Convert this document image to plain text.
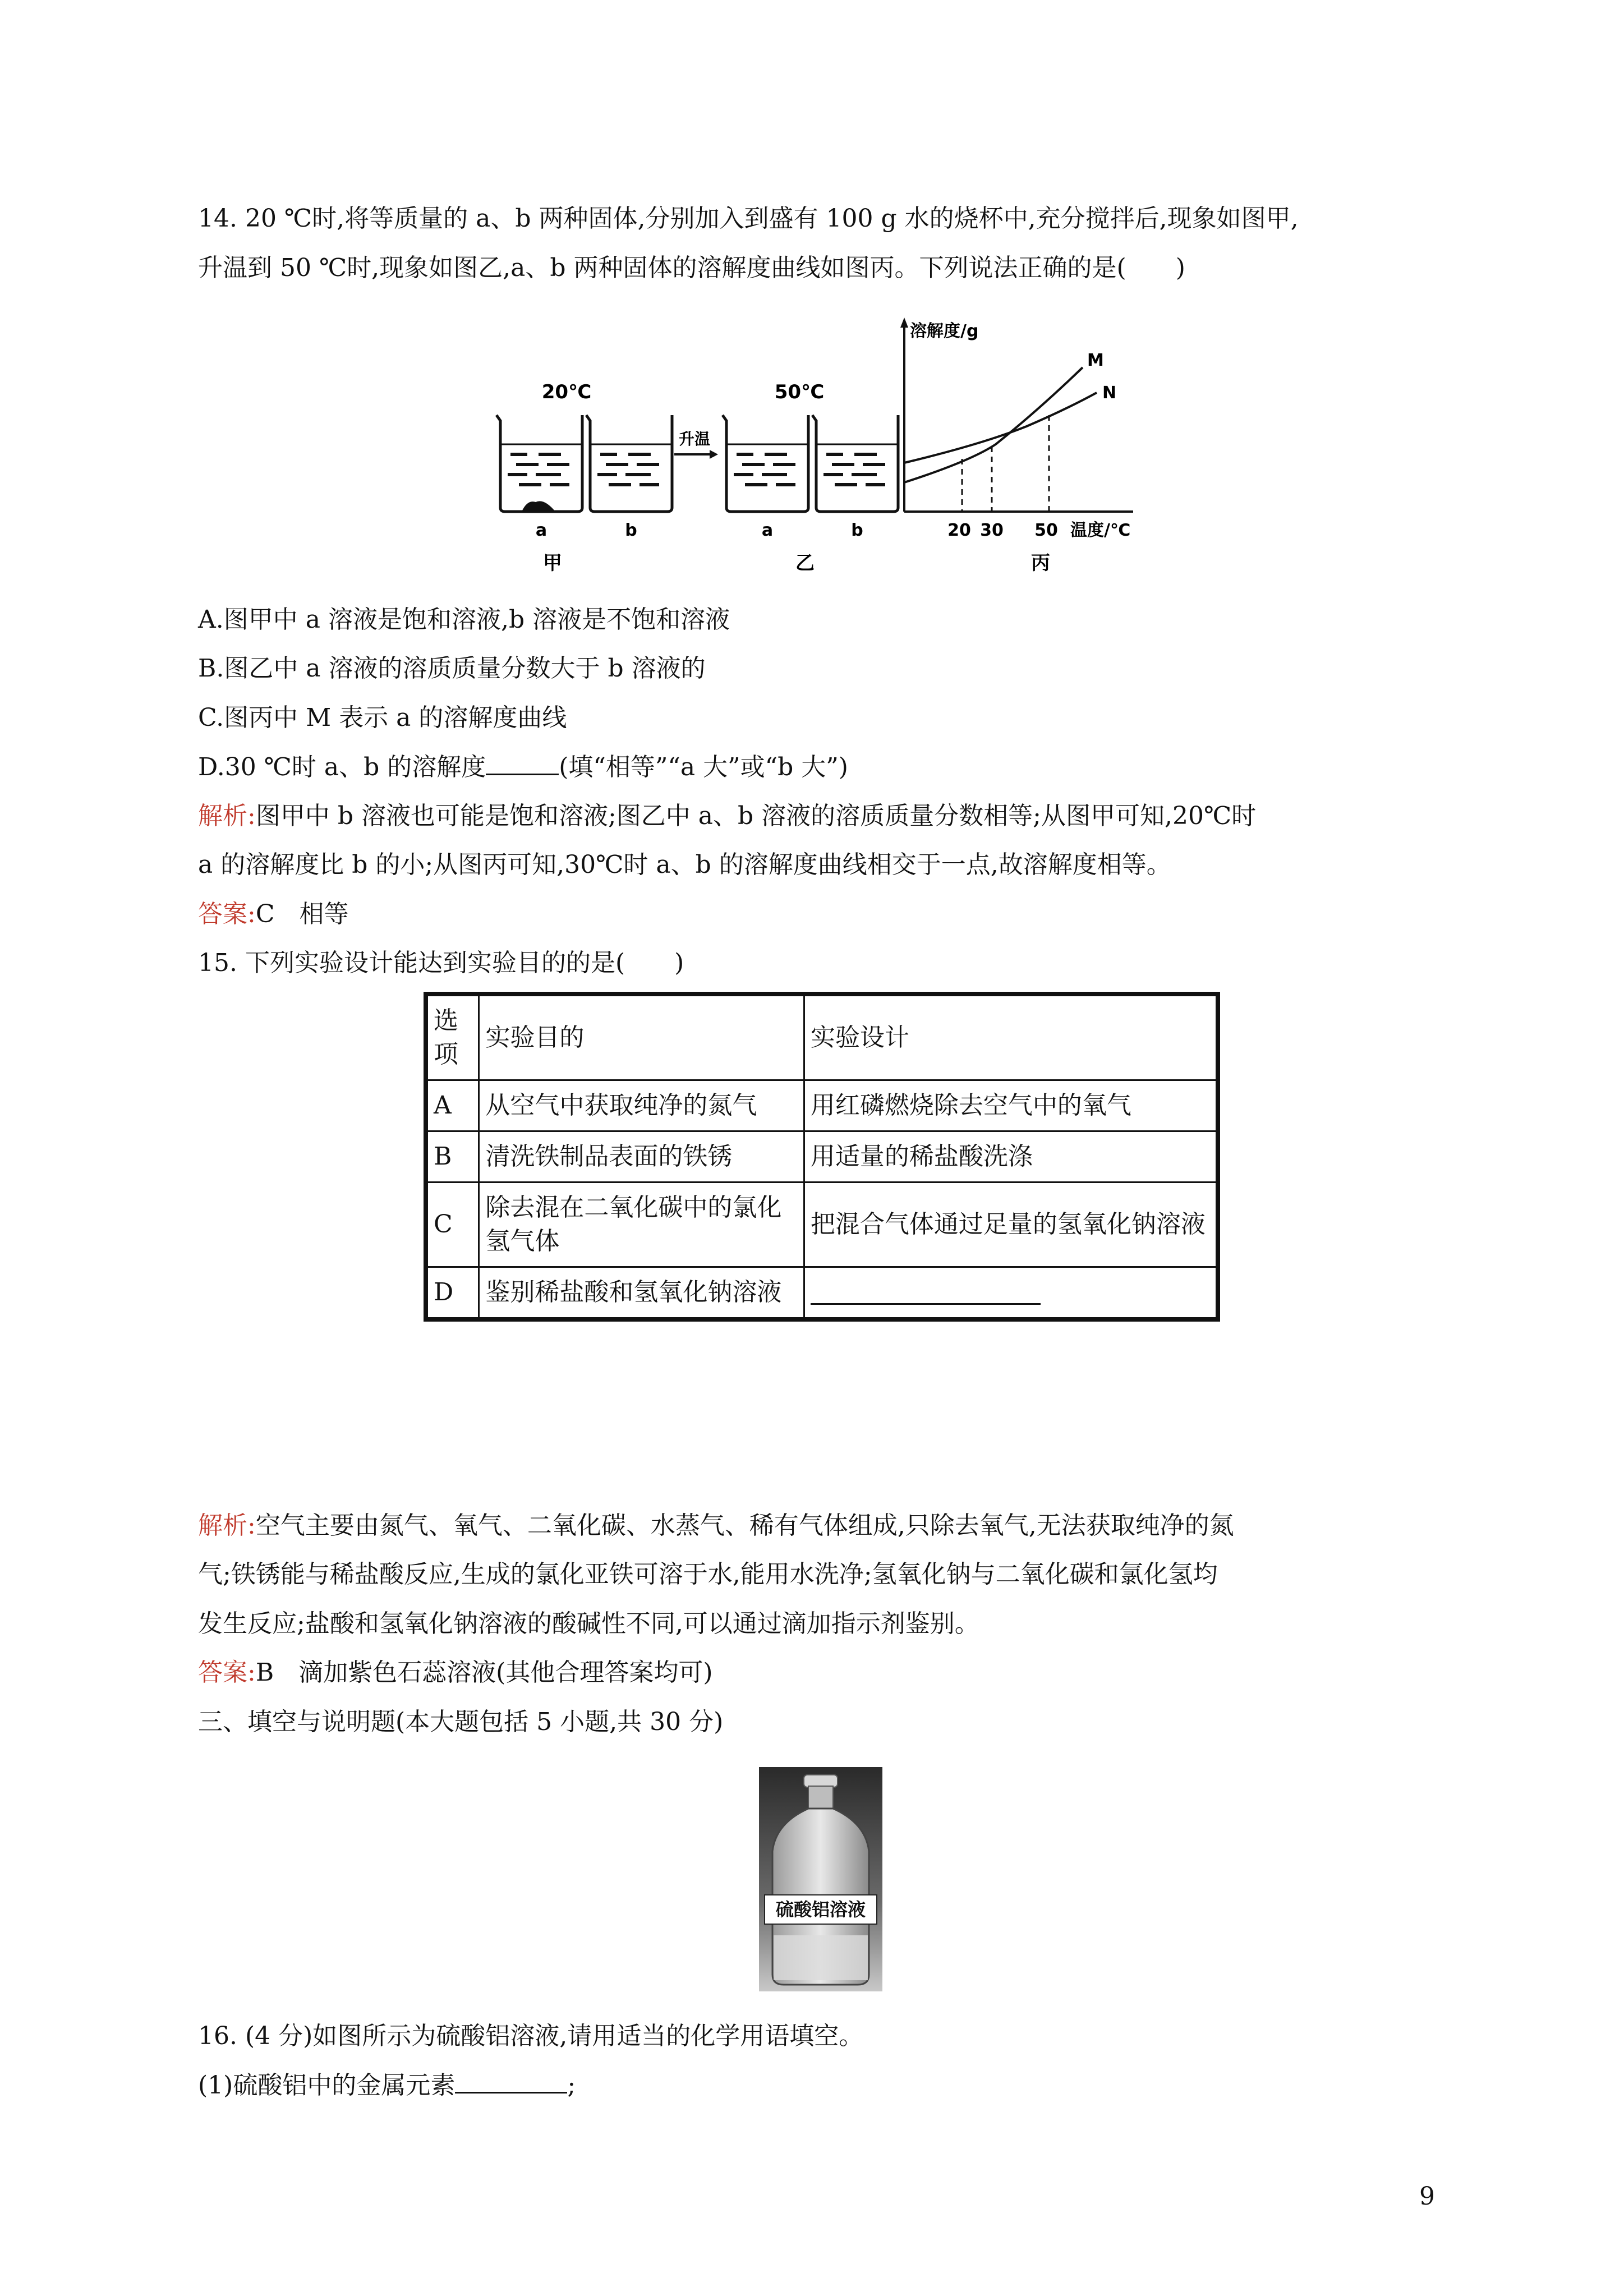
14. 20 ℃时,将等质量的 a、b 两种固体,分别加入到盛有 100 g 水的烧杯中,充分搅拌后,现象如图甲,
升温到 50 ℃时,现象如图乙,a、b 两种固体的溶解度曲线如图丙。下列说法正确的是(　　)
20℃	50℃
升温
a	b	a	b
甲	乙	丙
溶解度/g
M
N
20 30 50 温度/℃
A.图甲中 a 溶液是饱和溶液,b 溶液是不饱和溶液
B.图乙中 a 溶液的溶质质量分数大于 b 溶液的
C.图丙中 M 表示 a 的溶解度曲线
D.30 ℃时 a、b 的溶解度	(填“相等”“a 大”或“b 大”)
解析:图甲中 b 溶液也可能是饱和溶液;图乙中 a、b 溶液的溶质质量分数相等;从图甲可知,20℃时
a 的溶解度比 b 的小;从图丙可知,30℃时 a、b 的溶解度曲线相交于一点,故溶解度相等。
答案:C　相等
15. 下列实验设计能达到实验目的的是(　　)
选项	实验目的	实验设计
A	从空气中获取纯净的氮气	用红磷燃烧除去空气中的氧气
B	清洗铁制品表面的铁锈	用适量的稀盐酸洗涤
C	除去混在二氧化碳中的氯化氢气体	把混合气体通过足量的氢氧化钠溶液
D	鉴别稀盐酸和氢氧化钠溶液	
解析:空气主要由氮气、氧气、二氧化碳、水蒸气、稀有气体组成,只除去氧气,无法获取纯净的氮
气;铁锈能与稀盐酸反应,生成的氯化亚铁可溶于水,能用水洗净;氢氧化钠与二氧化碳和氯化氢均
发生反应;盐酸和氢氧化钠溶液的酸碱性不同,可以通过滴加指示剂鉴别。
答案:B　滴加紫色石蕊溶液(其他合理答案均可)
三、填空与说明题(本大题包括 5 小题,共 30 分)
硫酸铝溶液
16. (4 分)如图所示为硫酸铝溶液,请用适当的化学用语填空。
(1)硫酸铝中的金属元素	;
9
